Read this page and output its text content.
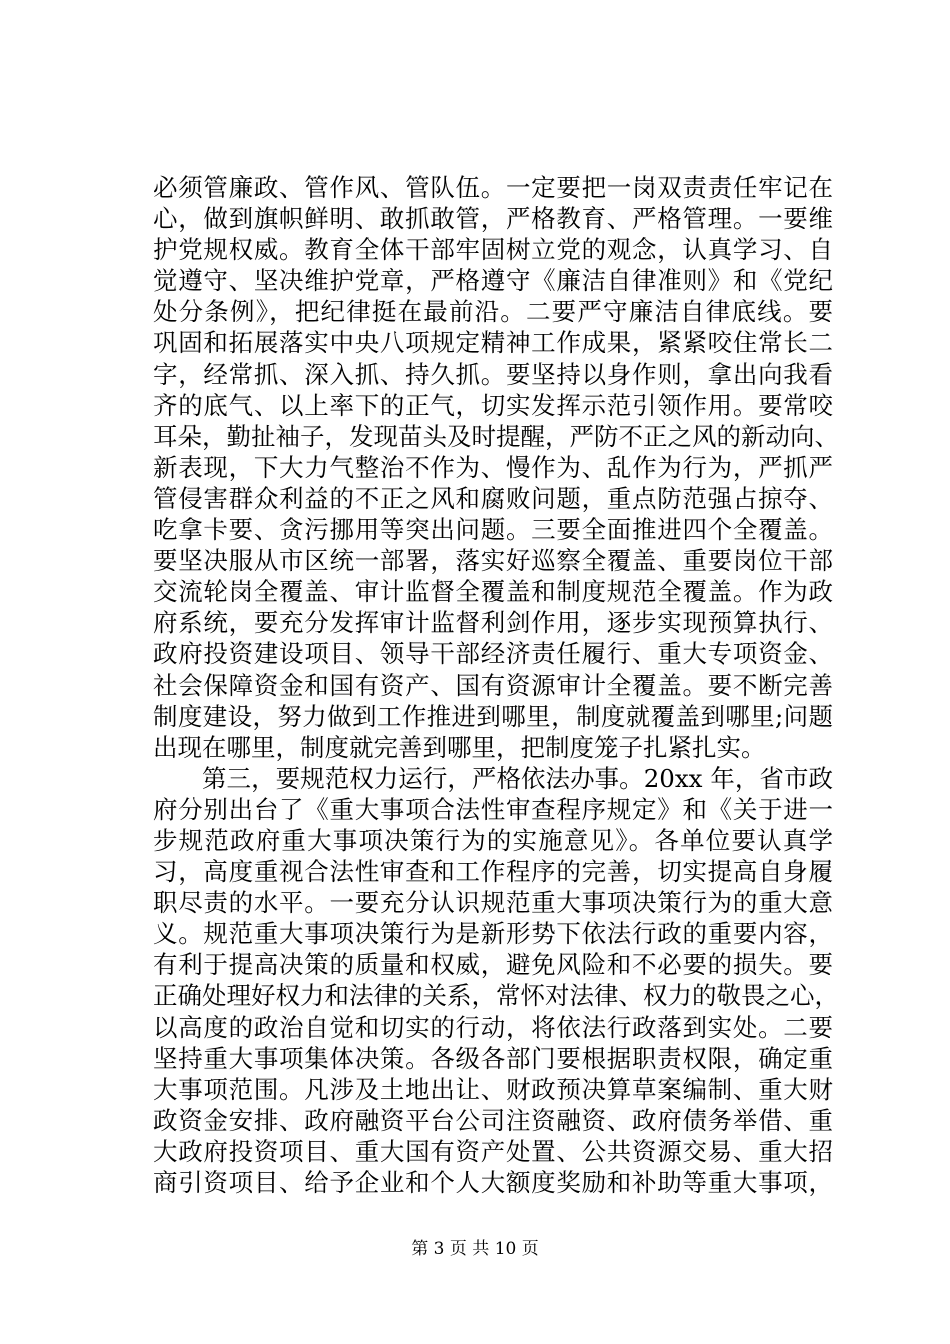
必须管廉政、管作风、管队伍。一定要把一岗双责责任牢记在
心，做到旗帜鲜明、敢抓敢管，严格教育、严格管理。一要维
护党规权威。教育全体干部牢固树立党的观念，认真学习、自
觉遵守、坚决维护党章，严格遵守《廉洁自律准则》和《党纪
处分条例》，把纪律挺在最前沿。二要严守廉洁自律底线。要
巩固和拓展落实中央八项规定精神工作成果，紧紧咬住常长二
字，经常抓、深入抓、持久抓。要坚持以身作则，拿出向我看
齐的底气、以上率下的正气，切实发挥示范引领作用。要常咬
耳朵，勤扯袖子，发现苗头及时提醒，严防不正之风的新动向、
新表现，下大力气整治不作为、慢作为、乱作为行为，严抓严
管侵害群众利益的不正之风和腐败问题，重点防范强占掠夺、
吃拿卡要、贪污挪用等突出问题。三要全面推进四个全覆盖。
要坚决服从市区统一部署，落实好巡察全覆盖、重要岗位干部
交流轮岗全覆盖、审计监督全覆盖和制度规范全覆盖。作为政
府系统，要充分发挥审计监督利剑作用，逐步实现预算执行、
政府投资建设项目、领导干部经济责任履行、重大专项资金、
社会保障资金和国有资产、国有资源审计全覆盖。要不断完善
制度建设，努力做到工作推进到哪里，制度就覆盖到哪里;问题
出现在哪里，制度就完善到哪里，把制度笼子扎紧扎实。
第三，要规范权力运行，严格依法办事。20xx 年，省市政
府分别出台了《重大事项合法性审查程序规定》和《关于进一
步规范政府重大事项决策行为的实施意见》。各单位要认真学
习，高度重视合法性审查和工作程序的完善，切实提高自身履
职尽责的水平。一要充分认识规范重大事项决策行为的重大意
义。规范重大事项决策行为是新形势下依法行政的重要内容，
有利于提高决策的质量和权威，避免风险和不必要的损失。要
正确处理好权力和法律的关系，常怀对法律、权力的敬畏之心，
以高度的政治自觉和切实的行动，将依法行政落到实处。二要
坚持重大事项集体决策。各级各部门要根据职责权限，确定重
大事项范围。凡涉及土地出让、财政预决算草案编制、重大财
政资金安排、政府融资平台公司注资融资、政府债务举借、重
大政府投资项目、重大国有资产处置、公共资源交易、重大招
商引资项目、给予企业和个人大额度奖励和补助等重大事项，
第 3 页 共 10 页
